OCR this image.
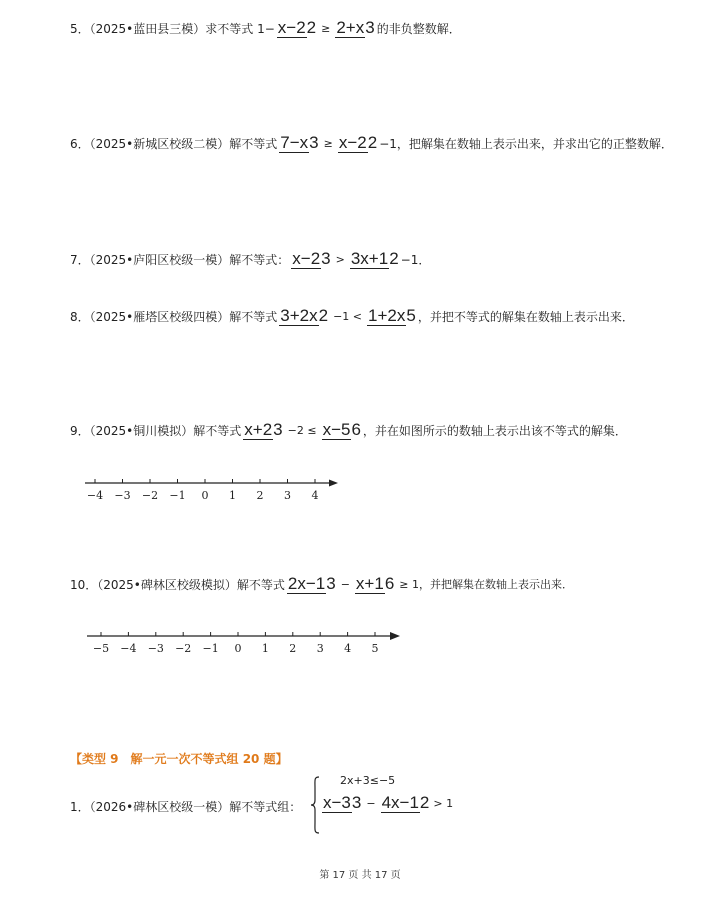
5．（2025•蓝田县三模）求不等式 1− x−22 ≥ 2+x3 的非负整数解．
6．（2025•新城区校级二模）解不等式 7−x3 ≥ x−22 −1，把解集在数轴上表示出来，并求出它的正整数解．
7．（2025•庐阳区校级一模）解不等式： x−23 > 3x+12 −1．
8．（2025•雁塔区校级四模）解不等式 3+2x2 −1 < 1+2x5 ，并把不等式的解集在数轴上表示出来．
9．（2025•铜川模拟）解不等式 x+23 −2 ≤ x−56 ，并在如图所示的数轴上表示出该不等式的解集．
−4 −3 −2 −1 0 1 2 3 4
10．（2025•碑林区校级模拟）解不等式 2x−13 − x+16 ≥ 1，并把解集在数轴上表示出来．
−5 −4 −3 −2 −1 0 1 2 3 4 5
【类型 9　解一元一次不等式组 20 题】
1．（2026•碑林区校级一模）解不等式组：
2x+3≤−5
x−33 − 4x−12 > 1
第 17 页 共 17 页
